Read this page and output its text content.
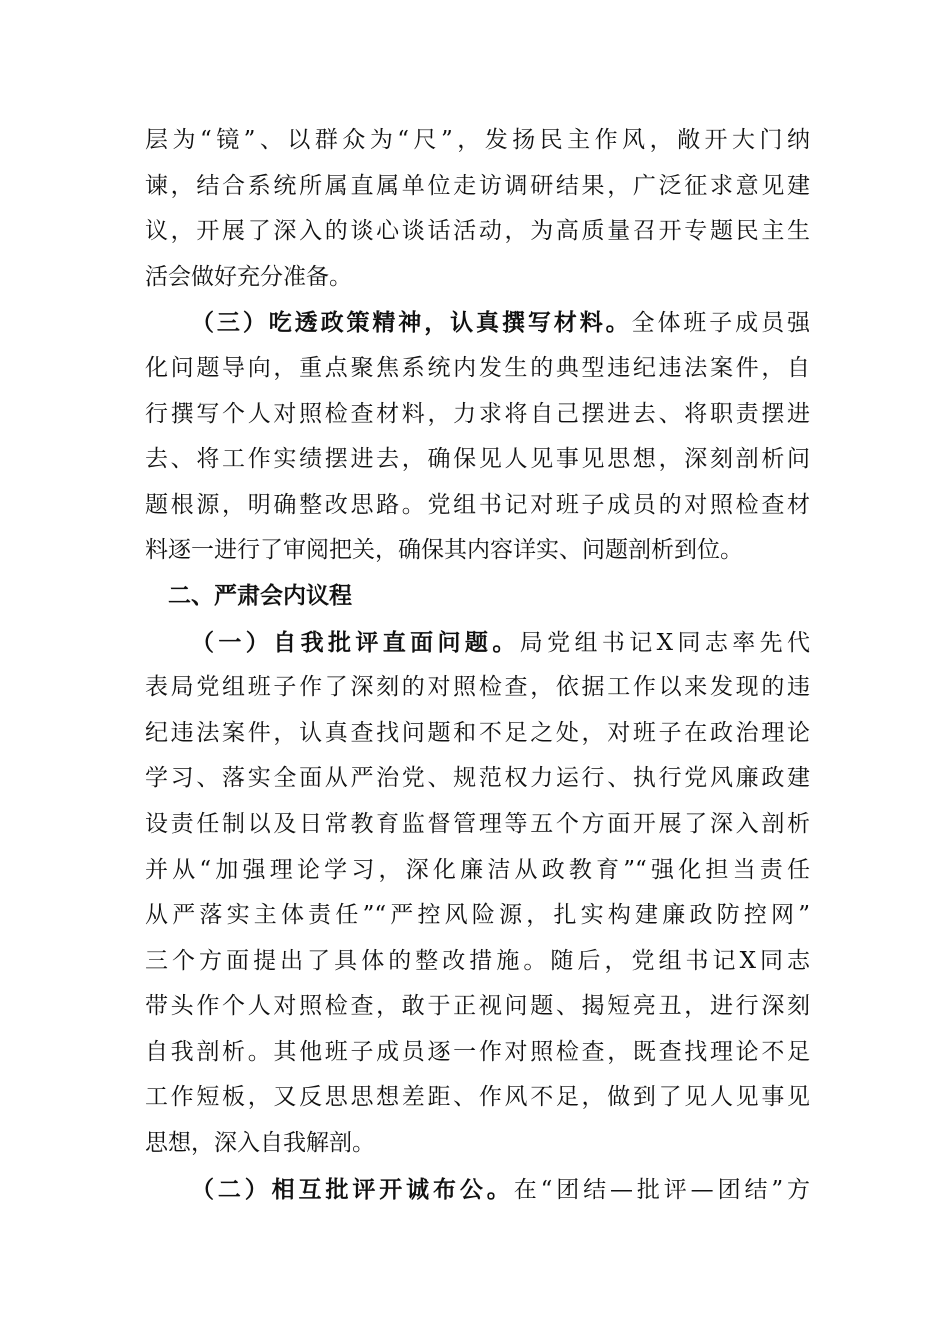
层为“镜”、以群众为“尺”，发扬民主作风，敞开大门纳
谏，结合系统所属直属单位走访调研结果，广泛征求意见建
议，开展了深入的谈心谈话活动，为高质量召开专题民主生
活会做好充分准备。
（三）吃透政策精神，认真撰写材料。全体班子成员强
化问题导向，重点聚焦系统内发生的典型违纪违法案件，自
行撰写个人对照检查材料，力求将自己摆进去、将职责摆进
去、将工作实绩摆进去，确保见人见事见思想，深刻剖析问
题根源，明确整改思路。党组书记对班子成员的对照检查材
料逐一进行了审阅把关，确保其内容详实、问题剖析到位。
二、严肃会内议程
（一）自我批评直面问题。局党组书记X同志率先代
表局党组班子作了深刻的对照检查，依据工作以来发现的违
纪违法案件，认真查找问题和不足之处，对班子在政治理论
学习、落实全面从严治党、规范权力运行、执行党风廉政建
设责任制以及日常教育监督管理等五个方面开展了深入剖析
并从“加强理论学习，深化廉洁从政教育”“强化担当责任
从严落实主体责任”“严控风险源，扎实构建廉政防控网”
三个方面提出了具体的整改措施。随后，党组书记X同志
带头作个人对照检查，敢于正视问题、揭短亮丑，进行深刻
自我剖析。其他班子成员逐一作对照检查，既查找理论不足
工作短板，又反思思想差距、作风不足，做到了见人见事见
思想，深入自我解剖。
（二）相互批评开诚布公。在“团结—批评—团结”方
